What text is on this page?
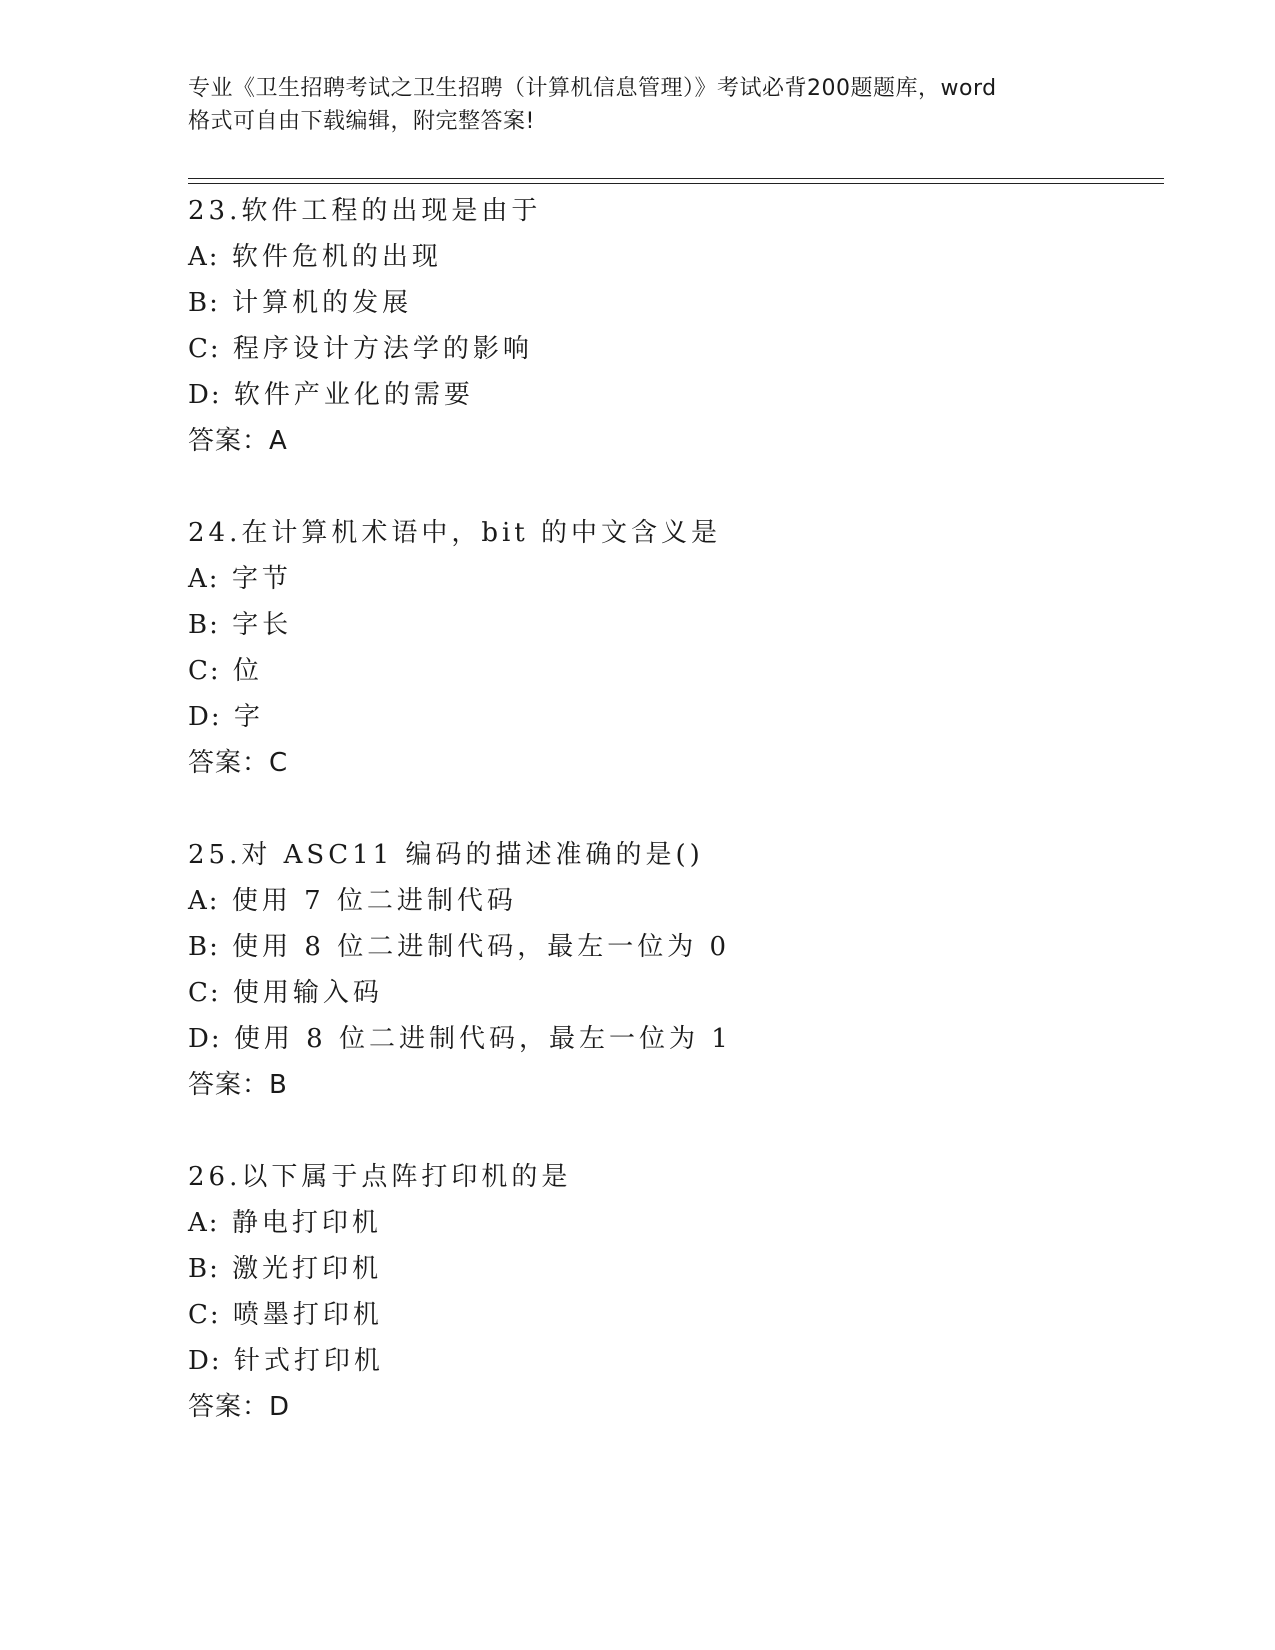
专业《卫生招聘考试之卫生招聘（计算机信息管理）》考试必背200题题库，word
格式可自由下载编辑，附完整答案!
23.软件工程的出现是由于
A: 软件危机的出现
B: 计算机的发展
C: 程序设计方法学的影响
D: 软件产业化的需要
答案：A
24.在计算机术语中，bit 的中文含义是
A: 字节
B: 字长
C: 位
D: 字
答案：C
25.对 ASC11 编码的描述准确的是()
A: 使用 7 位二进制代码
B: 使用 8 位二进制代码，最左一位为 0
C: 使用输入码
D: 使用 8 位二进制代码，最左一位为 1
答案：B
26.以下属于点阵打印机的是
A: 静电打印机
B: 激光打印机
C: 喷墨打印机
D: 针式打印机
答案：D
